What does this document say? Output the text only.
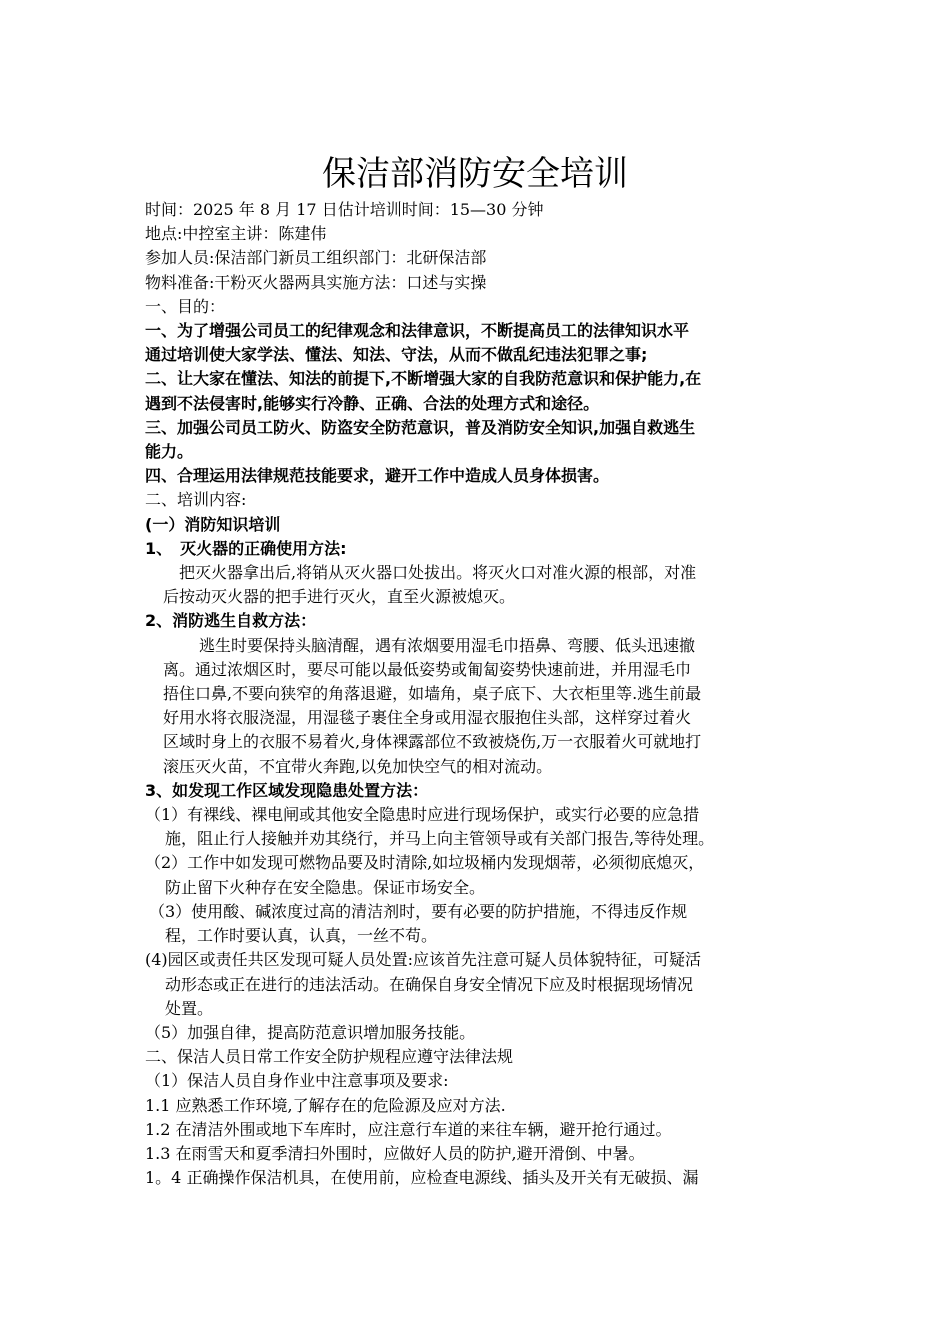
保洁部消防安全培训
时间：2025 年 8 月 17 日估计培训时间：15—30 分钟
地点:中控室主讲：陈建伟
参加人员:保洁部门新员工组织部门：北研保洁部
物料准备:干粉灭火器两具实施方法：口述与实操
一、目的：
一、为了增强公司员工的纪律观念和法律意识，不断提高员工的法律知识水平
通过培训使大家学法、懂法、知法、守法，从而不做乱纪违法犯罪之事;
二、让大家在懂法、知法的前提下,不断增强大家的自我防范意识和保护能力,在
遇到不法侵害时,能够实行冷静、正确、合法的处理方式和途径。
三、加强公司员工防火、防盗安全防范意识，普及消防安全知识,加强自救逃生
能力。
四、合理运用法律规范技能要求，避开工作中造成人员身体损害。
二、培训内容:
(一）消防知识培训
1、　灭火器的正确使用方法:
把灭火器拿出后,将销从灭火器口处拔出。将灭火口对准火源的根部，对准
后按动灭火器的把手进行灭火，直至火源被熄灭。
2、消防逃生自救方法：
逃生时要保持头脑清醒，遇有浓烟要用湿毛巾捂鼻、弯腰、低头迅速撤
离。通过浓烟区时，要尽可能以最低姿势或匍匐姿势快速前进，并用湿毛巾
捂住口鼻,不要向狭窄的角落退避，如墙角，桌子底下、大衣柜里等.逃生前最
好用水将衣服浇湿，用湿毯子裹住全身或用湿衣服抱住头部，这样穿过着火
区域时身上的衣服不易着火,身体裸露部位不致被烧伤,万一衣服着火可就地打
滚压灭火苗，不宜带火奔跑,以免加快空气的相对流动。
3、如发现工作区域发现隐患处置方法：
（1）有裸线、裸电闸或其他安全隐患时应进行现场保护，或实行必要的应急措
施，阻止行人接触并劝其绕行，并马上向主管领导或有关部门报告,等待处理。
（2）工作中如发现可燃物品要及时清除,如垃圾桶内发现烟蒂，必须彻底熄灭，
防止留下火种存在安全隐患。保证市场安全。
（3）使用酸、碱浓度过高的清洁剂时，要有必要的防护措施，不得违反作规
程，工作时要认真，认真，一丝不苟。
(4)园区或责任共区发现可疑人员处置:应该首先注意可疑人员体貌特征，可疑活
动形态或正在进行的违法活动。在确保自身安全情况下应及时根据现场情况
处置。
（5）加强自律，提高防范意识增加服务技能。
二、保洁人员日常工作安全防护规程应遵守法律法规
（1）保洁人员自身作业中注意事项及要求:
1.1 应熟悉工作环境,了解存在的危险源及应对方法.
1.2 在清洁外围或地下车库时，应注意行车道的来往车辆，避开抢行通过。
1.3 在雨雪天和夏季清扫外围时，应做好人员的防护,避开滑倒、中暑。
1。4 正确操作保洁机具，在使用前，应检查电源线、插头及开关有无破损、漏
